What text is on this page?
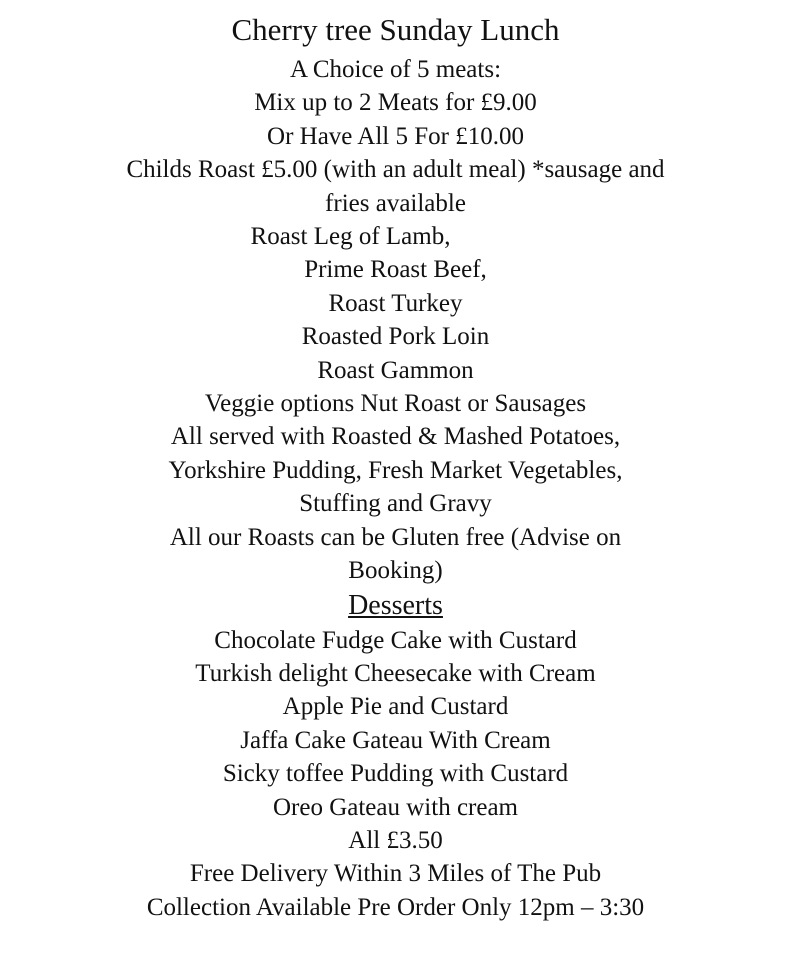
Cherry tree Sunday Lunch
A Choice of 5 meats:
Mix up to 2 Meats for £9.00
Or Have All 5 For £10.00
Childs Roast £5.00 (with an adult meal) *sausage and fries available
Roast Leg of Lamb,
Prime Roast Beef,
Roast Turkey
Roasted Pork Loin
Roast Gammon
Veggie options Nut Roast or Sausages
All served with Roasted & Mashed Potatoes,
Yorkshire Pudding, Fresh Market Vegetables,
Stuffing and Gravy
All our Roasts can be Gluten free (Advise on Booking)
Desserts
Chocolate Fudge Cake with Custard
Turkish delight Cheesecake with Cream
Apple Pie and Custard
Jaffa Cake Gateau With Cream
Sicky toffee Pudding with Custard
Oreo Gateau with cream
All £3.50
Free Delivery Within 3 Miles of The Pub
Collection Available Pre Order Only 12pm – 3:30
